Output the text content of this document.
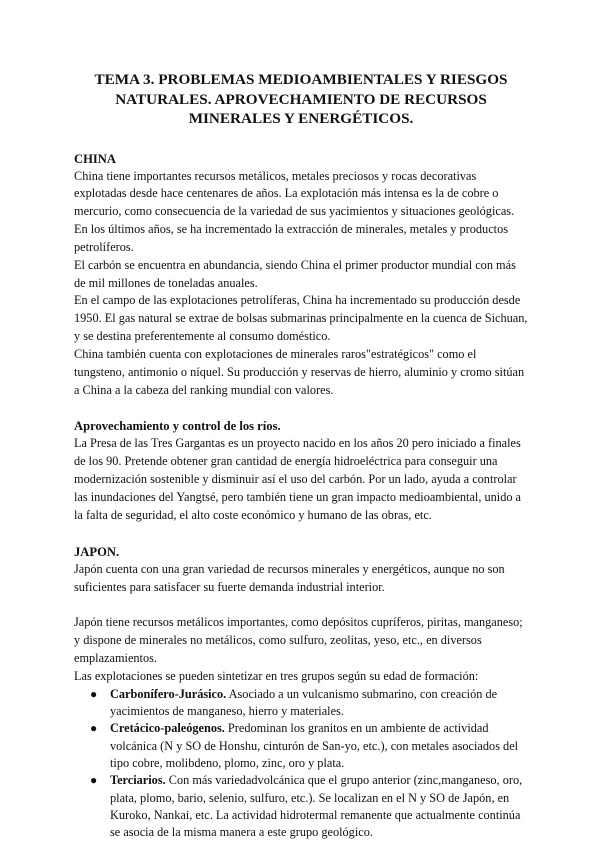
TEMA 3. PROBLEMAS MEDIOAMBIENTALES Y RIESGOS NATURALES. APROVECHAMIENTO DE RECURSOS MINERALES Y ENERGÉTICOS.
CHINA

China tiene importantes recursos metálicos, metales preciosos y rocas decorativas explotadas desde hace centenares de años. La explotación más intensa es la de cobre o mercurio, como consecuencia de la variedad de sus yacimientos y situaciones geológicas. En los últimos años, se ha incrementado la extracción de minerales, metales y productos petrolíferos.

El carbón se encuentra en abundancia, siendo China el primer productor mundial con más de mil millones de toneladas anuales.

En el campo de las explotaciones petrolíferas, China ha incrementado su producción desde 1950. El gas natural se extrae de bolsas submarinas principalmente en la cuenca de Sichuan, y se destina preferentemente al consumo doméstico.

China también cuenta con explotaciones de minerales raros"estratégicos" como el tungsteno, antimonio o níquel. Su producción y reservas de hierro, aluminio y cromo sitúan a China a la cabeza del ranking mundial con valores.

Aprovechamiento y control de los ríos.

La Presa de las Tres Gargantas es un proyecto nacido en los años 20 pero iniciado a finales de los 90. Pretende obtener gran cantidad de energía hidroeléctrica para conseguir una modernización sostenible y disminuir así el uso del carbón. Por un lado, ayuda a controlar las inundaciones del Yangtsé, pero también tiene un gran impacto medioambiental, unido a la falta de seguridad, el alto coste económico y humano de las obras, etc.

JAPON.

Japón cuenta con una gran variedad de recursos minerales y energéticos, aunque no son suficientes para satisfacer su fuerte demanda industrial interior.

Japón tiene recursos metálicos importantes, como depósitos cupríferos, piritas, manganeso; y dispone de minerales no metálicos, como sulfuro, zeolitas, yeso, etc., en diversos emplazamientos.

Las explotaciones se pueden sintetizar en tres grupos según su edad de formación:

● Carbonífero-Jurásico. Asociado a un vulcanismo submarino, con creación de yacimientos de manganeso, hierro y materiales.
● Cretácico-paleógenos. Predominan los granitos en un ambiente de actividad volcánica (N y SO de Honshu, cinturón de San-yo, etc.), con metales asociados del tipo cobre, molibdeno, plomo, zinc, oro y plata.
● Terciarios. Con más variedadvolcánica que el grupo anterior (zinc,manganeso, oro, plata, plomo, bario, selenio, sulfuro, etc.). Se localizan en el N y SO de Japón, en Kuroko, Nankai, etc. La actividad hidrotermal remanente que actualmente continúa se asocia de la misma manera a este grupo geológico.
